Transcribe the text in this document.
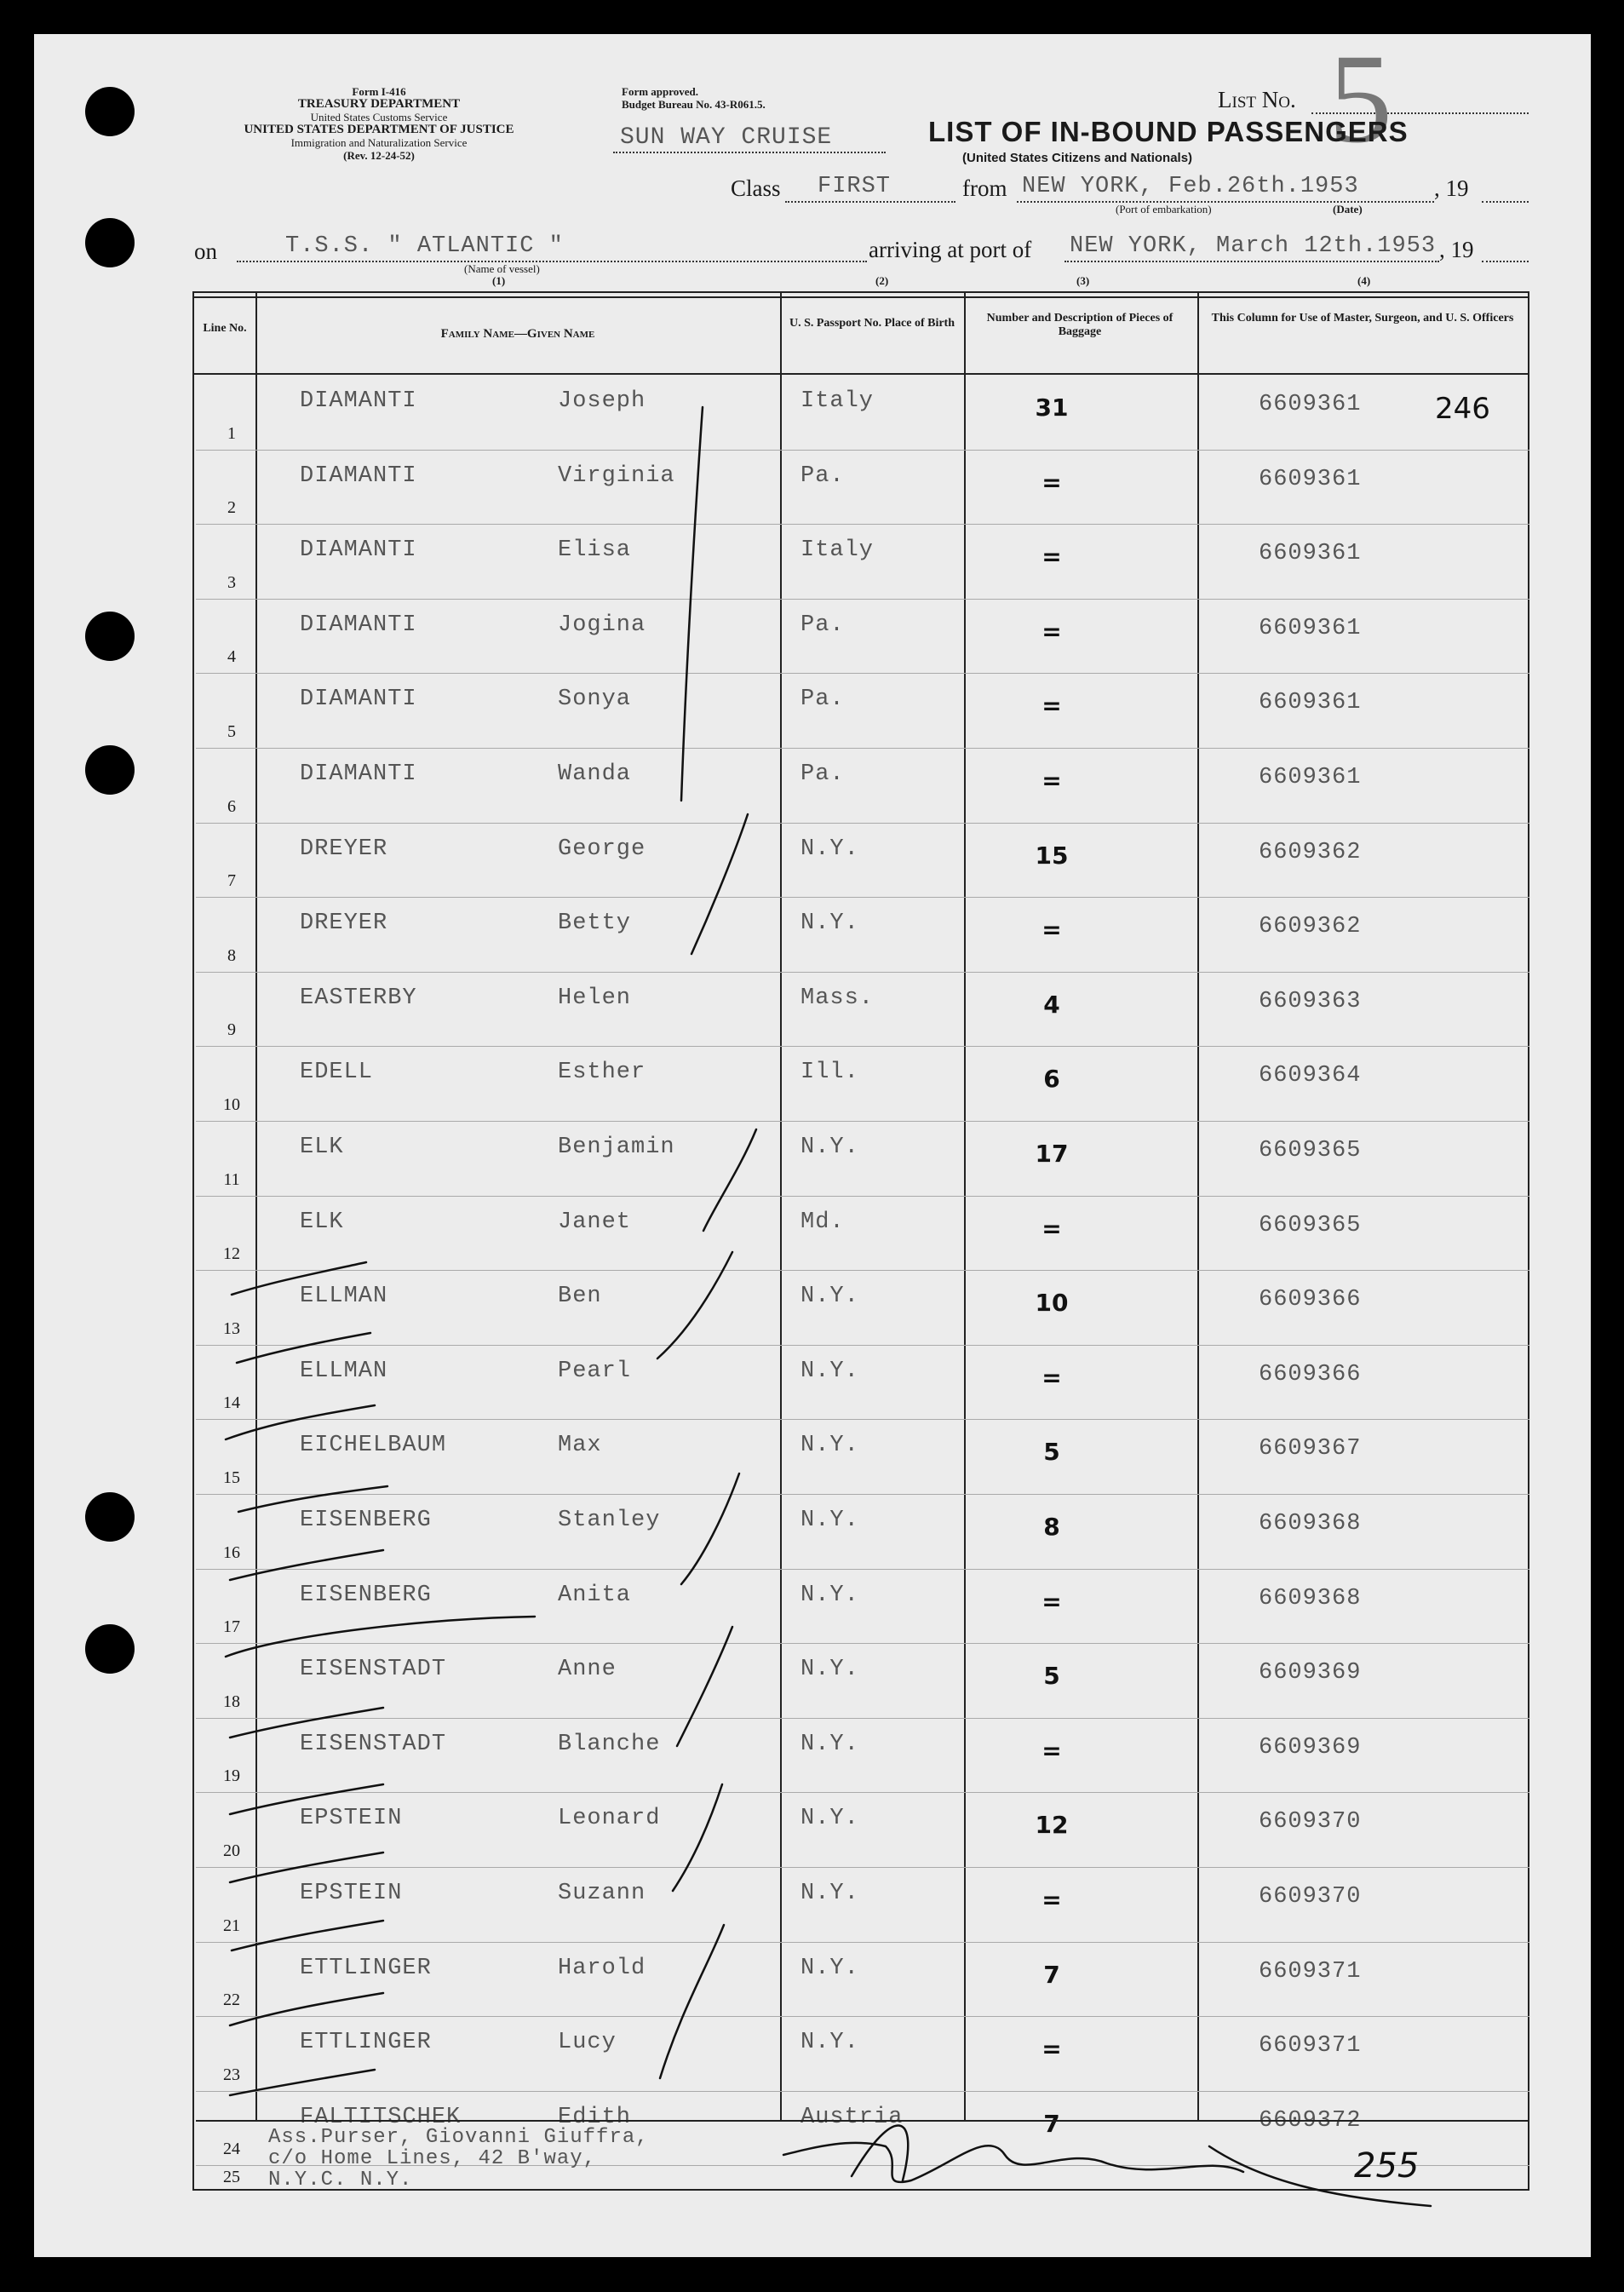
Form I-416
TREASURY DEPARTMENT
United States Customs Service
UNITED STATES DEPARTMENT OF JUSTICE
Immigration and Naturalization Service
(Rev. 12-24-52)
Form approved.
Budget Bureau No. 43-R061.5.
SUN WAY CRUISE
List No. 5
LIST OF IN-BOUND PASSENGERS
(United States Citizens and Nationals)
Class FIRST	from NEW YORK, Feb.26th.1953	, 19
(Port of embarkation)	(Date)
on	T.S.S. " ATLANTIC "
(Name of vessel)
(1)
arriving at port of NEW YORK, March 12th.1953 , 19
(2)	(3)	(4)
Line No.	Family Name—Given Name
U. S. Passport No. Place of Birth	Number and Description of Pieces of Baggage
This Column for Use of Master, Surgeon, and U. S. Officers
1
DIAMANTI	Joseph	Italy	31	6609361	246
2
DIAMANTI	Virginia	Pa.	=	6609361
3
DIAMANTI	Elisa	Italy	=	6609361
4
DIAMANTI	Jogina	Pa.	=	6609361
5
DIAMANTI	Sonya	Pa.	=	6609361
6
DIAMANTI	Wanda	Pa.	=	6609361
7
DREYER	George	N.Y.	15	6609362
8
DREYER	Betty	N.Y.	=	6609362
9
EASTERBY	Helen	Mass.	4	6609363
10
EDELL	Esther	Ill.	6	6609364
11
ELK	Benjamin	N.Y.	17	6609365
12
ELK	Janet	Md.	=	6609365
13
ELLMAN	Ben	N.Y.	10	6609366
14
ELLMAN	Pearl	N.Y.	=	6609366
15
EICHELBAUM	Max	N.Y.	5	6609367
16
EISENBERG	Stanley	N.Y.	8	6609368
17
EISENBERG	Anita	N.Y.	=	6609368
18
EISENSTADT	Anne	N.Y.	5	6609369
19
EISENSTADT	Blanche	N.Y.	=	6609369
20
EPSTEIN	Leonard	N.Y.	12	6609370
21
EPSTEIN	Suzann	N.Y.	=	6609370
22
ETTLINGER	Harold	N.Y.	7	6609371
23
ETTLINGER	Lucy	N.Y.	=	6609371
24
FALTITSCHEK	Edith	Austria	7	6609372
25
Ass.Purser, Giovanni Giuffra,
c/o Home Lines, 42 B'way,
N.Y.C. N.Y.	255
